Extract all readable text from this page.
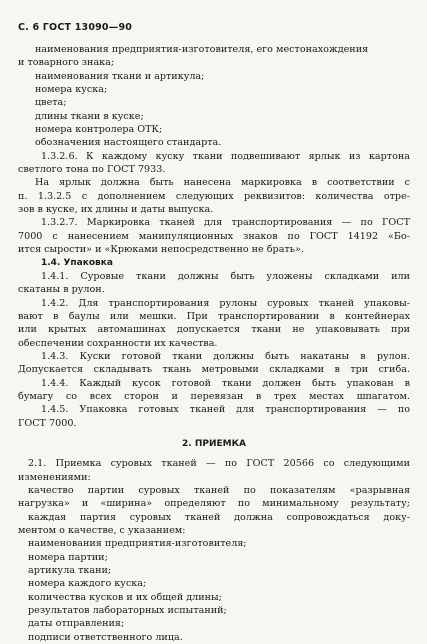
С. 6 ГОСТ 13090—90
наименования предприятия-изготовителя, его местонахождения
и товарного знака;
наименования ткани и артикула;
номера куска;
цвета;
длины ткани в куске;
номера контролера ОТК;
обозначения настоящего стандарта.
1.3.2.6. К каждому куску ткани подвешивают ярлык из картона
светлого тона по ГОСТ 7933.
На ярлык должна быть нанесена маркировка в соответствии с
п. 1.3.2.5 с дополнением следующих реквизитов: количества отре-
зов в куске, их длины и даты выпуска.
1.3.2.7. Маркировка тканей для транспортирования — по ГОСТ
7000 с нанесением манипуляционных знаков по ГОСТ 14192 «Бо-
ится сырости» и «Крюками непосредственно не брать».
1.4. Упаковка
1.4.1. Суровые ткани должны быть уложены складками или
скатаны в рулон.
1.4.2. Для транспортирования рулоны суровых тканей упаковы-
вают в баулы или мешки. При транспортировании в контейнерах
или крытых автомашинах допускается ткани не упаковывать при
обеспечении сохранности их качества.
1.4.3. Куски готовой ткани должны быть накатаны в рулон.
Допускается складывать ткань метровыми складками в три сгиба.
1.4.4. Каждый кусок готовой ткани должен быть упакован в
бумагу со всех сторон и перевязан в трех местах шпагатом.
1.4.5. Упаковка готовых тканей для транспортирования — по
ГОСТ 7000.
2. ПРИЕМКА
2.1. Приемка суровых тканей — по ГОСТ 20566 со следующими
изменениями:
качество партии суровых тканей по показателям «разрывная
нагрузка» и «ширина» определяют по минимальному результату;
каждая партия суровых тканей должна сопровождаться доку-
ментом о качестве, с указанием:
наименования предприятия-изготовителя;
номера партии;
артикула ткани;
номера каждого куска;
количества кусков и их общей длины;
результатов лабораторных испытаний;
даты отправления;
подписи ответственного лица.
